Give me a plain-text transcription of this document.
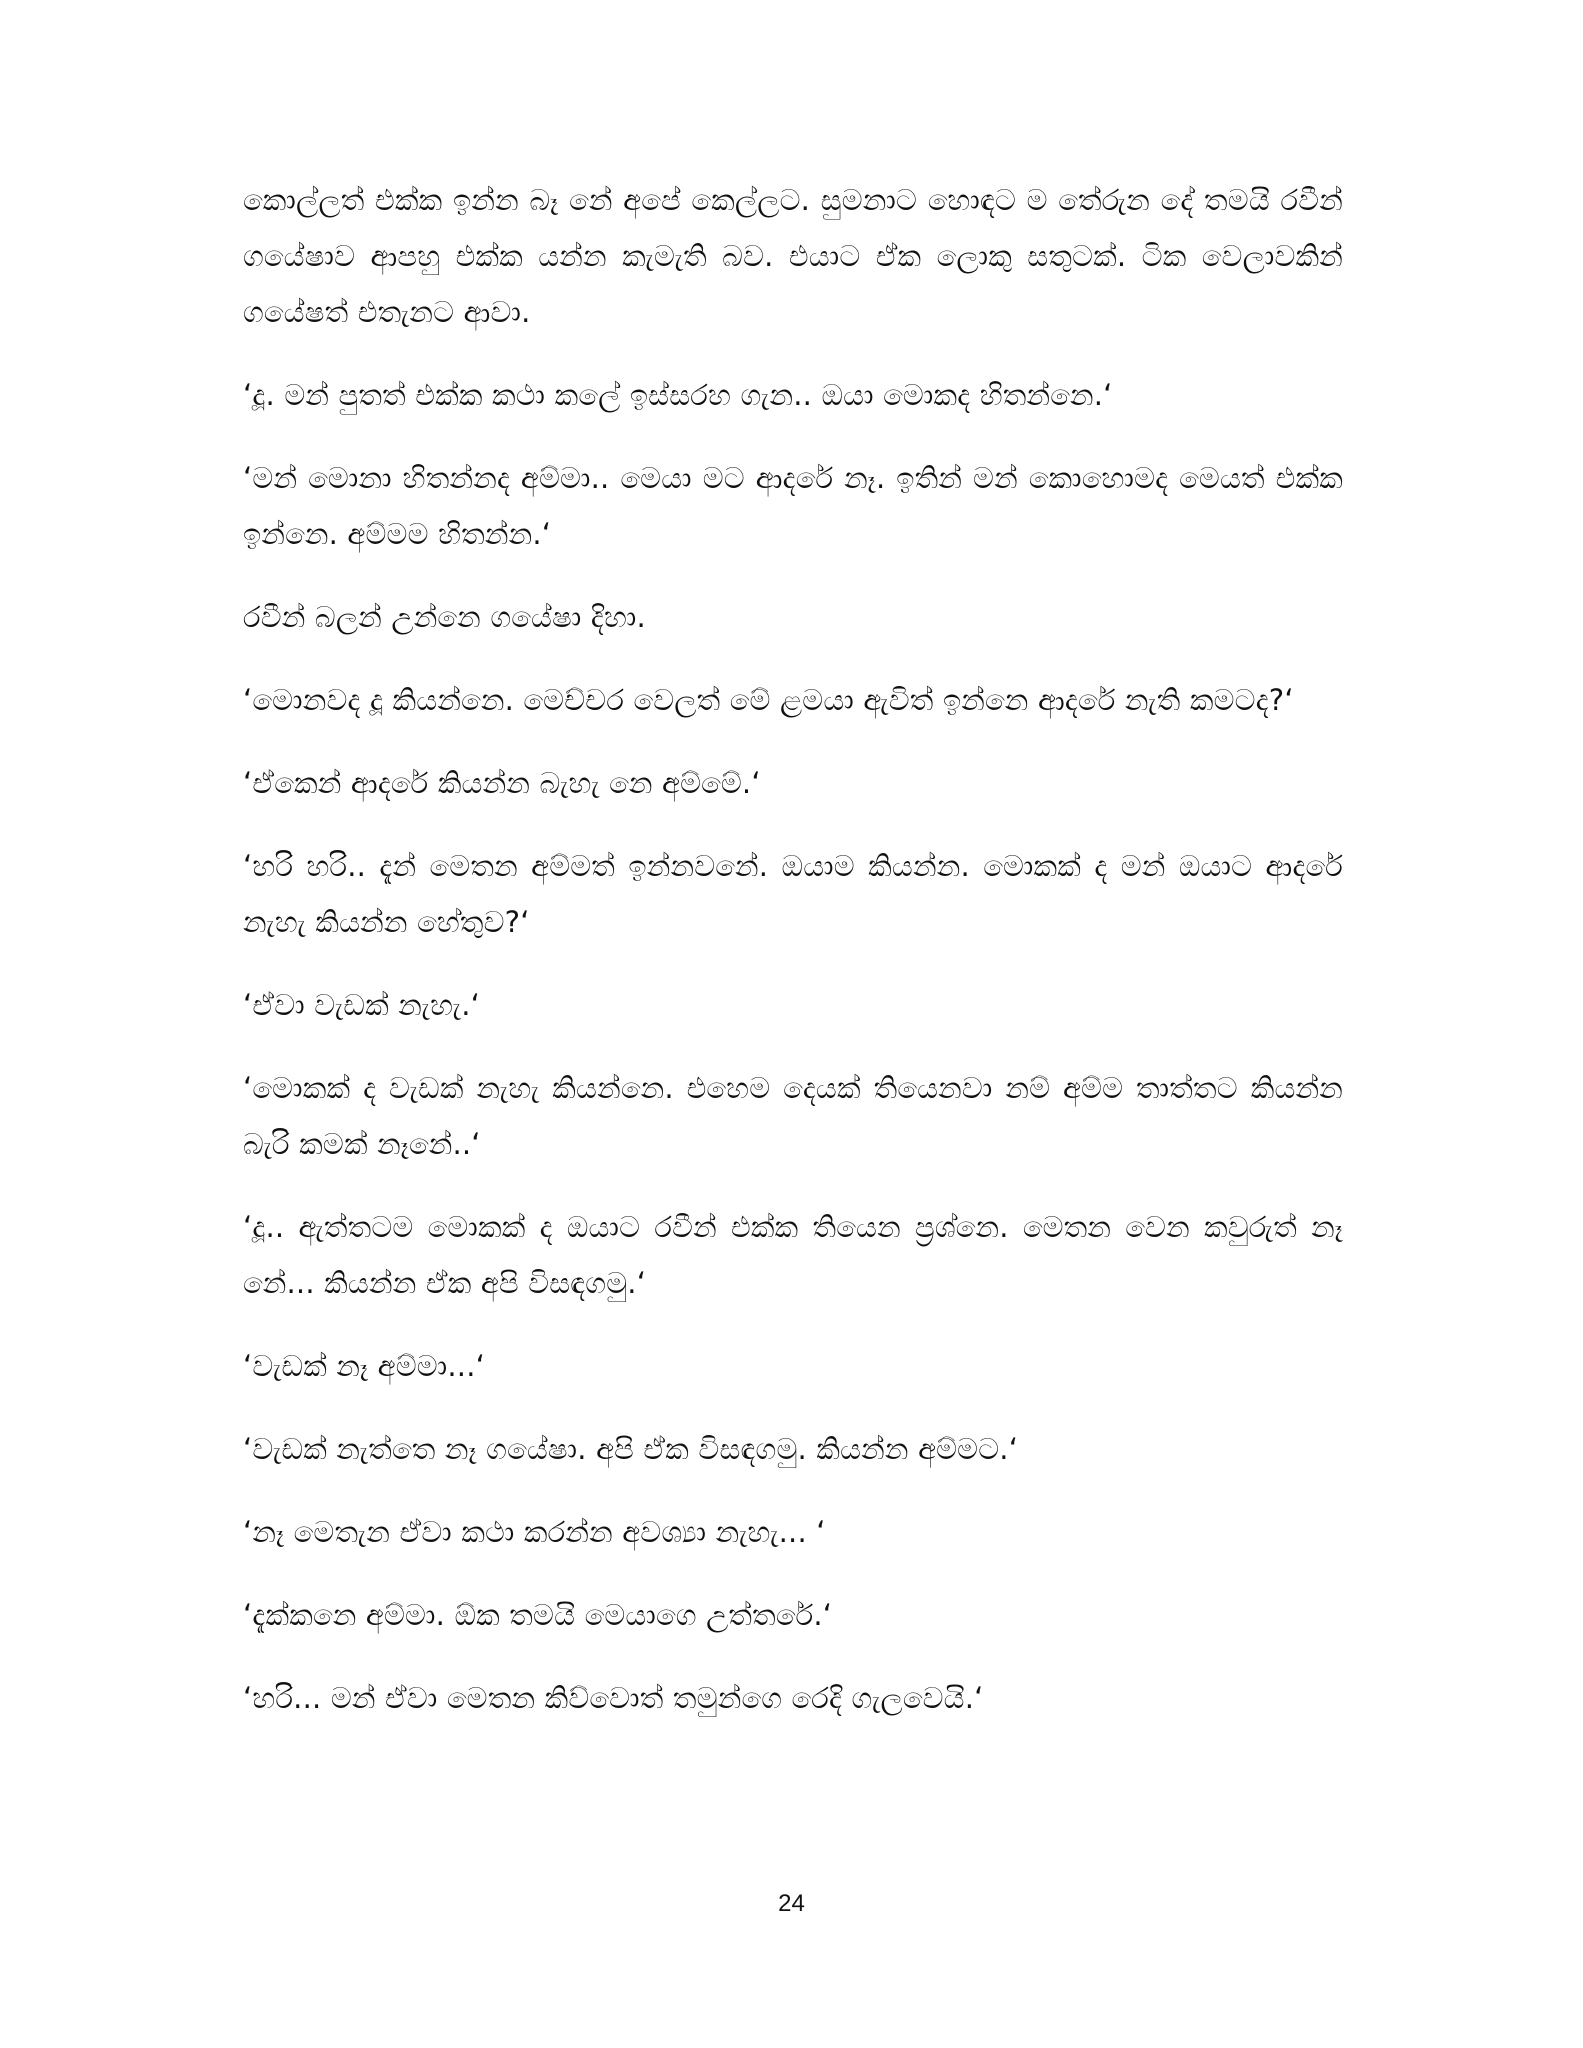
කොල්ලත් එක්ක ඉන්න බෑ නේ අපේ කෙල්ලට. සුමනාට හොඳට ම තේරුන දේ තමයි රවීන් ගයේෂාව ආපහු එක්ක යන්න කැමැති බව. එයාට ඒක ලොකු සතුටක්. ටික වෙලාවකින් ගයේෂත් එතැනට ආවා.

‘දූ. මන් පුතත් එක්ක කථා කලේ ඉස්සරහ ගැන.. ඔයා මොකද හිතන්නෙ.‘

‘මන් මොනා හිතන්නද අම්මා.. මෙයා මට ආදරේ නෑ. ඉතින් මන් කොහොමද මෙයත් එක්ක ඉන්නෙ. අම්මම හිතන්න.‘

රවීන් බලන් උන්නෙ ගයේෂා දිහා.

‘මොනවද දූ කියන්නෙ. මෙච්චර වෙලත් මේ ළමයා ඇවිත් ඉන්නෙ ආදරේ නැති කමටද?‘

‘ඒකෙන් ආදරේ කියන්න බැහැ නෙ අම්මේ.‘

‘හරි හරි.. දැන් මෙතන අම්මත් ඉන්නවනේ. ඔයාම කියන්න. මොකක් ද මන් ඔයාට ආදරේ නැහැ කියන්න හේතුව?‘

‘ඒවා වැඩක් නැහැ.‘

‘මොකක් ද වැඩක් නැහැ කියන්නෙ. එහෙම දෙයක් තියෙනවා නම් අම්ම තාත්තට කියන්න බැරි කමක් නෑනේ..‘

‘දූ.. ඇත්තටම මොකක් ද ඔයාට රවීන් එක්ක තියෙන ප්‍රශ්නෙ. මෙතන වෙන කවුරුත් නෑ නේ... කියන්න ඒක අපි විසඳගමු.‘

‘වැඩක් නෑ අම්මා...‘

‘වැඩක් නැත්තෙ නෑ ගයේෂා. අපි ඒක විසඳගමු. කියන්න අම්මට.‘

‘නෑ මෙතැන ඒවා කථා කරන්න අවශ්‍යා නැහැ... ‘

‘දැක්කනෙ අම්මා. ඕක තමයි මෙයාගෙ උත්තරේ.‘

‘හරි... මන් ඒවා මෙතන කිව්වොත් තමුන්ගෙ රෙදි ගැලවෙයි.‘

24
